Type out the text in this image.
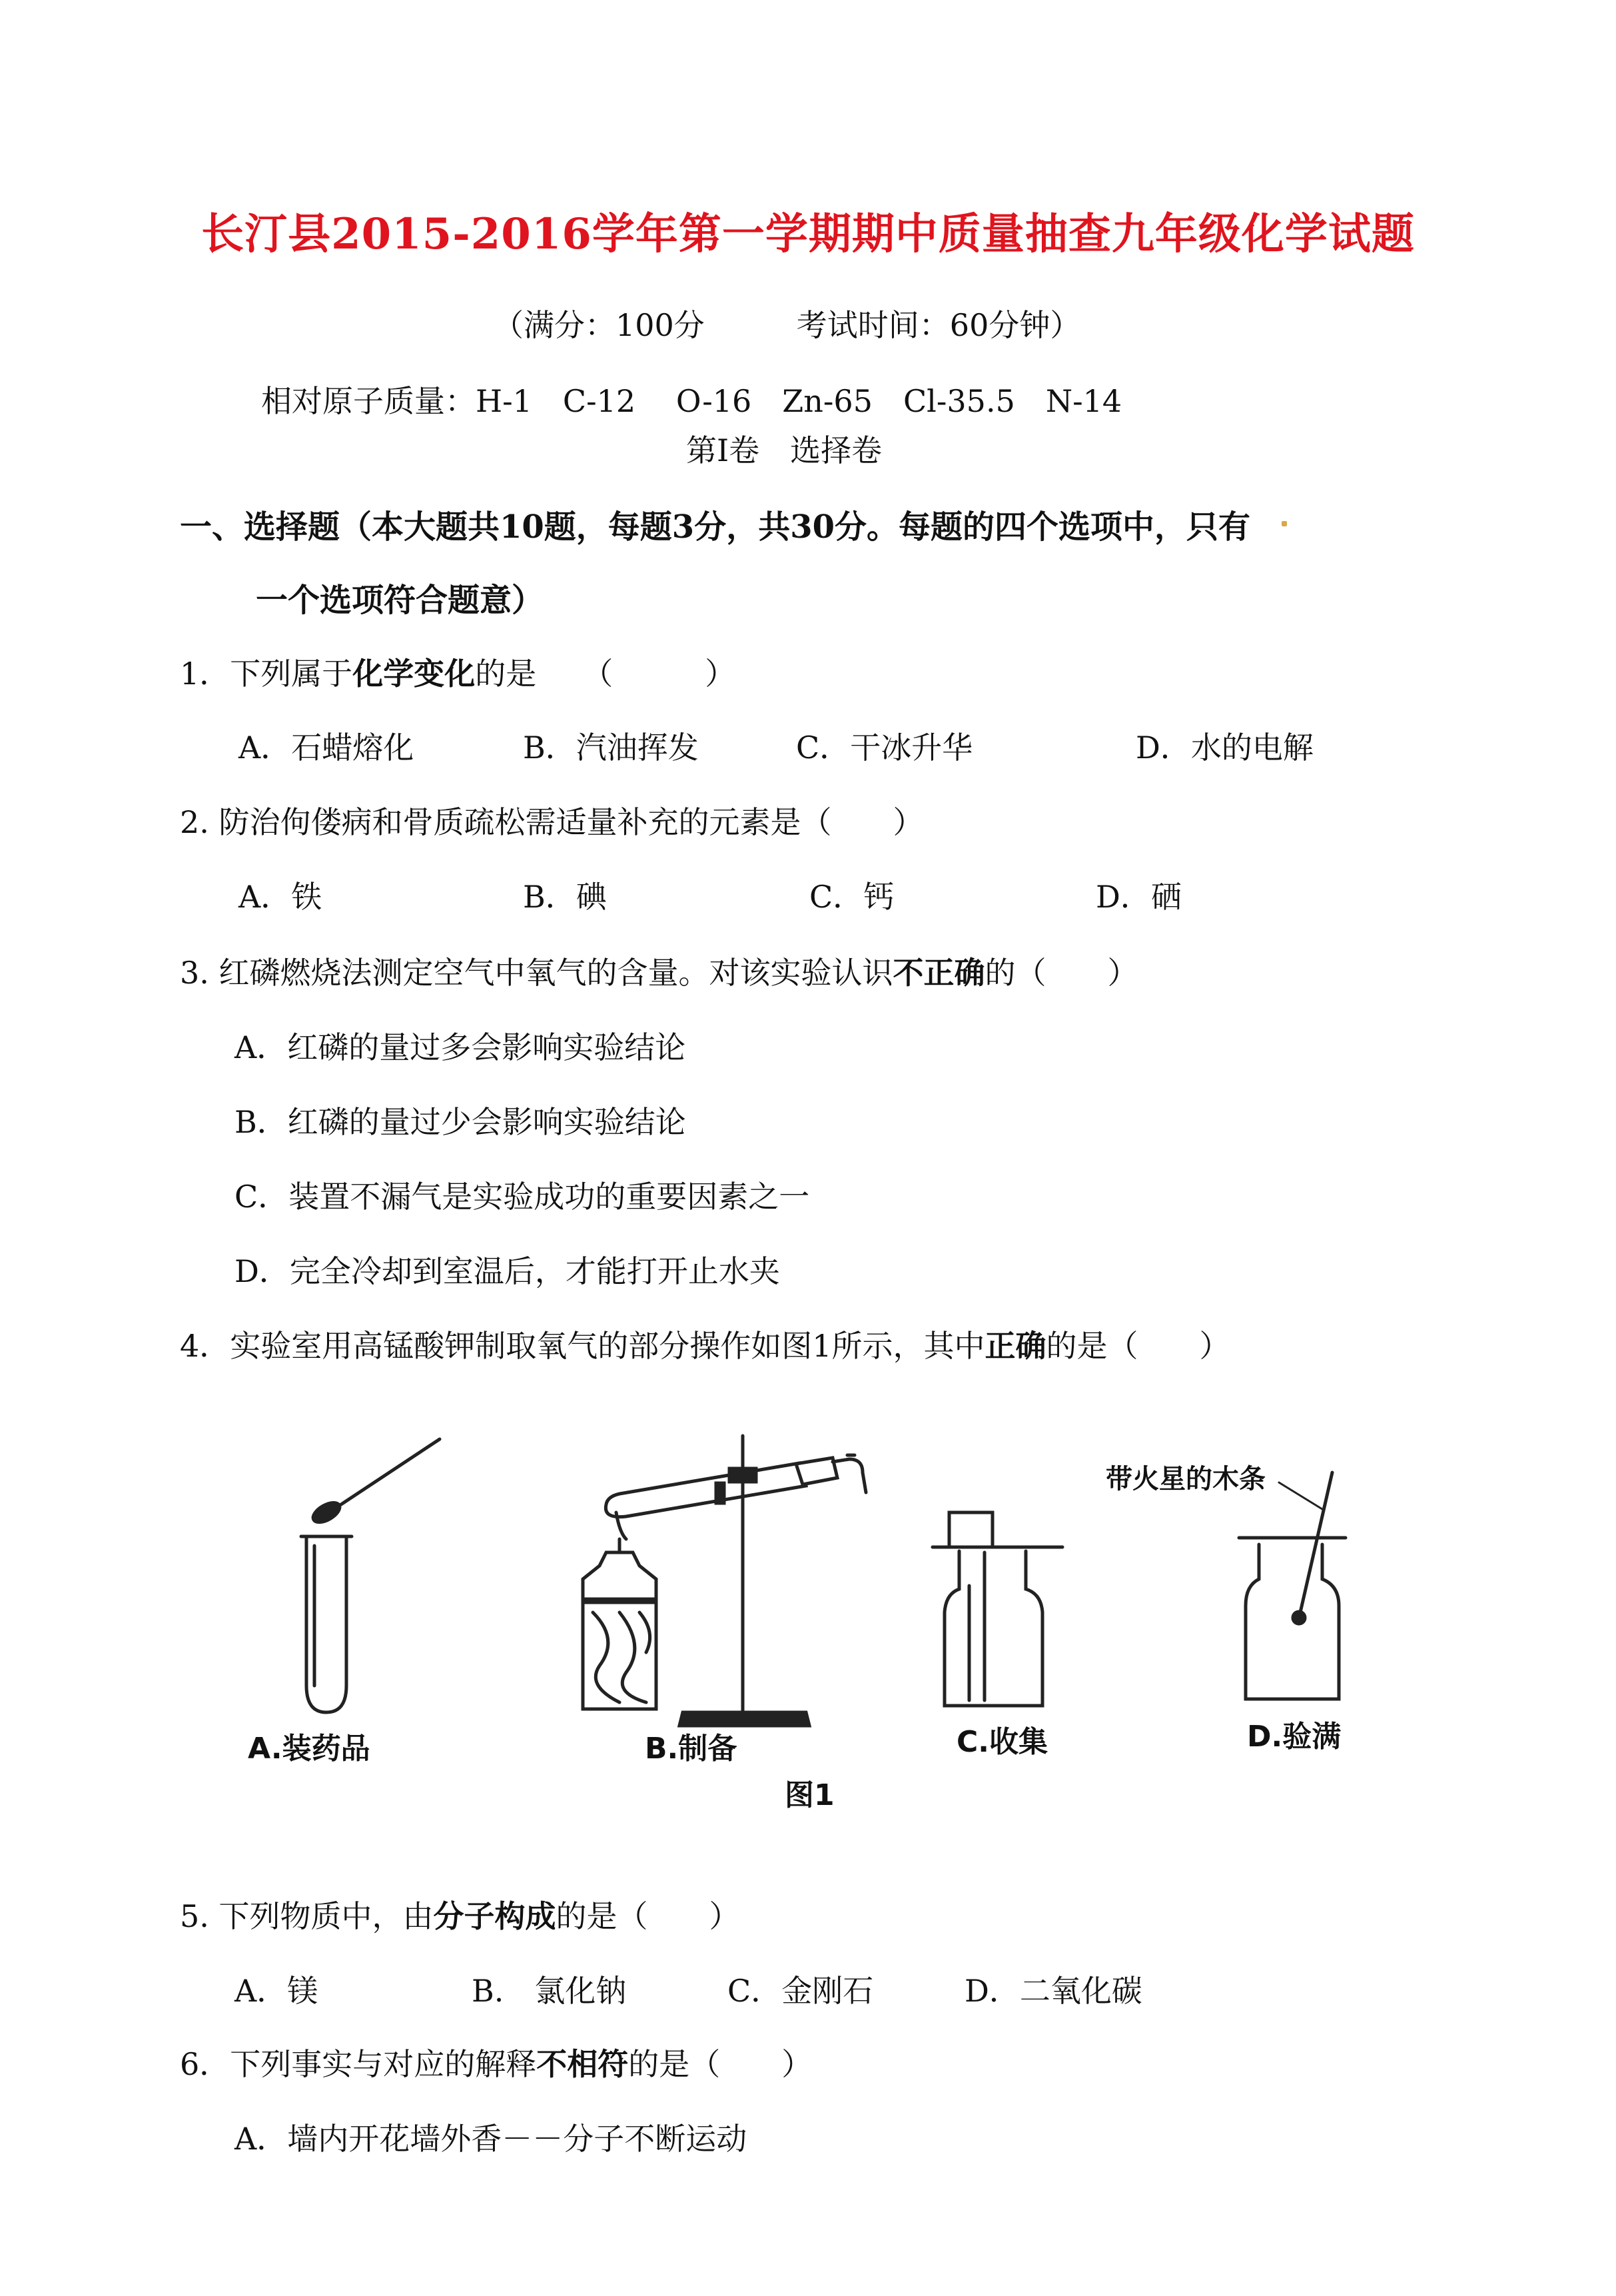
长汀县2015-2016学年第一学期期中质量抽查九年级化学试题
（满分：100分　　　考试时间：60分钟）
相对原子质量：H-1　C-12　 O-16　Zn-65　Cl-35.5　N-14
第Ⅰ卷　选择卷
一、选择题（本大题共10题，每题3分，共30分。每题的四个选项中，只有
一个选项符合题意）
1．下列属于化学变化的是　　（　　　）
A．石蜡熔化	B．汽油挥发	C．干冰升华	D．水的电解
2. 防治佝偻病和骨质疏松需适量补充的元素是（　　）
A．铁	B．碘	C．钙	D．硒
3. 红磷燃烧法测定空气中氧气的含量。对该实验认识不正确的（　　）
A．红磷的量过多会影响实验结论
B．红磷的量过少会影响实验结论
C．装置不漏气是实验成功的重要因素之一
D．完全冷却到室温后，才能打开止水夹
4．实验室用高锰酸钾制取氧气的部分操作如图1所示，其中正确的是（　　）
带火星的木条
A.装药品	B.制备	C.收集	D.验满
图1
5. 下列物质中，由分子构成的是（　　）
A．镁	B.　氯化钠	C．金刚石	D．二氧化碳
6．下列事实与对应的解释不相符的是（　　）
A．墙内开花墙外香－－分子不断运动
